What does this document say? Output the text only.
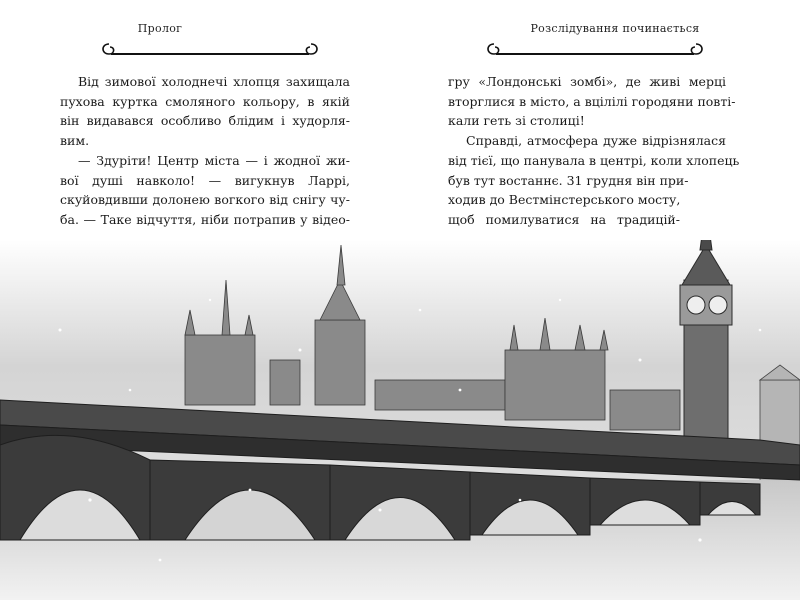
Пролог
Від зимової холоднечі хлопця захищала
пухова куртка смоляного кольору, в якій
він видавався особливо блідим і худорля-
вим.
— Здуріти! Центр міста — і жодної жи-
вої душі навколо! — вигукнув Ларрі,
скуйовдивши долонею вогкого від снігу чу-
ба. — Таке відчуття, ніби потрапив у відео-
Розслідування починається
гру «Лондонські зомбі», де живі мерці
вторглися в місто, а вцілілі городяни повті-
кали геть зі столиці!
Справді, атмосфера дуже відрізнялася
від тієї, що панувала в центрі, коли хлопець
був тут востаннє. 31 грудня він при-
ходив до Вестмінстерського мосту,
щоб помилуватися на традицій-
